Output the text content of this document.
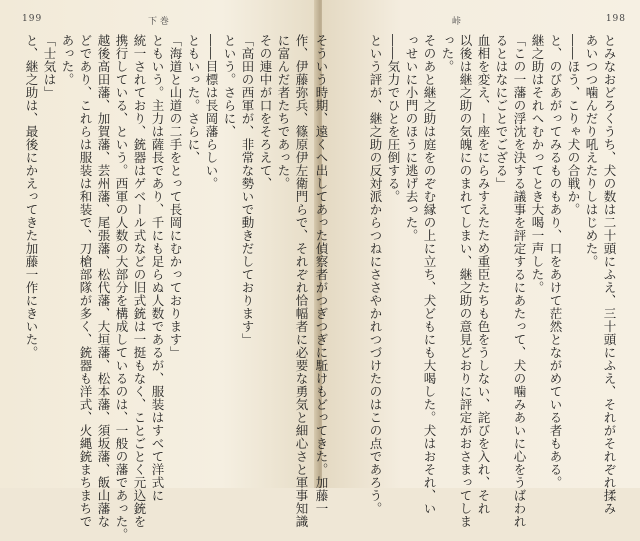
199	下 巻
作、伊藤弥兵、篠原伊左衛門らで、それぞれ恰幅者に必要な勇気と細心さと軍事知識
に富んだ者たちであった。
その連中が口をそろえて、
「高田の西軍が、非常な勢いで動きだしております」
という。さらに、
――目標は長岡藩らしい。
ともいった。さらに、
「海道と山道の二手をとって長岡にむかっております」
ともいう。主力は薩長であり、千にも足らぬ人数であるが、服装はすべて洋式に
統一されており、銃器はゲベール式などの旧式銃は一挺もなく、ことごとく元込銃を
携行している、という。西軍の人数の大部分を構成しているのは、一般の藩であった。
越後高田藩、加賀藩、芸州藩、尾張藩、松代藩、大垣藩、松本藩、須坂藩、飯山藩な
どであり、これらは服装は和装で、刀槍部隊が多く、銃器も洋式、火縄銃まちまちで
あった。
「士気は」
と、継之助は、最後にかえってきた加藤一作にきいた。
峠	198
とみなおどろくうち、犬の数は二十頭にふえ、三十頭にふえ、それがそれぞれ揉み
あいつつ噛んだり吼えたりしはじめた。
――ほう、こりゃ犬の合戦か。
と、のびあがってみるものもあり、口をあけて茫然とながめている者もある。
継之助はそれへむかってとき大喝一声した。
「この一藩の浮沈を決する議事を評定するにあたって、犬の噛みあいに心をうばわれ
るとはなにごとでござる」
血相を変え、ー座をにらみすえたため重臣たちも色をうしない、詫びを入れ、それ
以後は継之助の気魄にのまれてしまい、継之助の意見どおりに評定がおさまってしま
った。
そのあと継之助は庭をのぞむ縁の上に立ち、犬どもにも大喝した。犬はおそれ、い
っせいに小門のほうに逃げ去った。
――気力でひとを圧倒する。
という評が、継之助の反対派からつねにささやかれつづけたのはこの点であろう。

そういう時期、遠くへ出してあった偵察者がつぎつぎに駈けもどってきた。加藤一
